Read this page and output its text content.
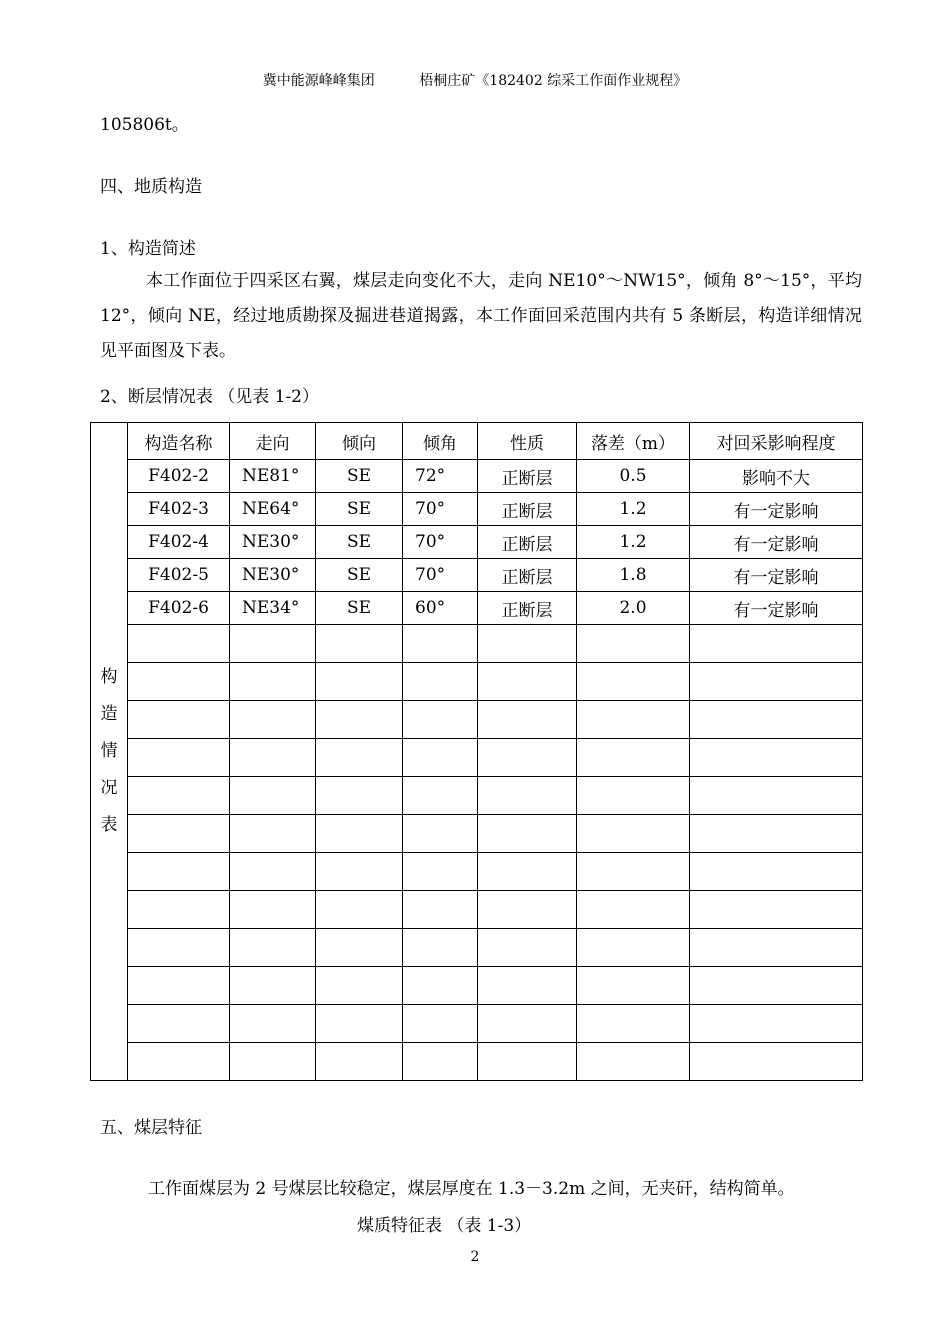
冀中能源峰峰集团          梧桐庄矿《182402 综采工作面作业规程》
105806t。
四、地质构造
1、构造简述
本工作面位于四采区右翼，煤层走向变化不大，走向 NE10°～NW15°，倾角 8°～15°，平均 12°，倾向 NE，经过地质勘探及掘进巷道揭露，本工作面回采范围内共有 5 条断层，构造详细情况见平面图及下表。
2、断层情况表 （见表 1-2）
构
造
情
况
表	构造名称	走向	倾向	倾角	性质	落差（m）	对回采影响程度
	F402-2	NE81°	SE	72°	正断层	0.5	影响不大
	F402-3	NE64°	SE	70°	正断层	1.2	有一定影响
	F402-4	NE30°	SE	70°	正断层	1.2	有一定影响
	F402-5	NE30°	SE	70°	正断层	1.8	有一定影响
	F402-6	NE34°	SE	60°	正断层	2.0	有一定影响

五、煤层特征
工作面煤层为 2 号煤层比较稳定，煤层厚度在 1.3－3.2m 之间，无夹矸，结构简单。
煤质特征表 （表 1-3）
2
